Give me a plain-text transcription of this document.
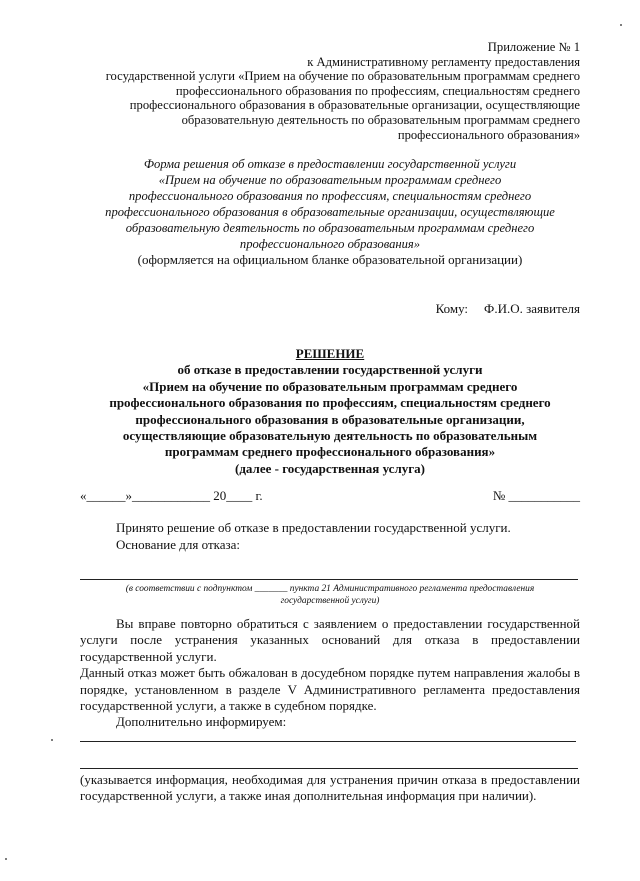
Приложение № 1
к Административному регламенту предоставления
государственной услуги «Прием на обучение по образовательным программам среднего
профессионального образования по профессиям, специальностям среднего
профессионального образования в образовательные организации, осуществляющие
образовательную деятельность по образовательным программам среднего
профессионального образования»
Форма решения об отказе в предоставлении государственной услуги
«Прием на обучение по образовательным программам среднего
профессионального образования по профессиям, специальностям среднего
профессионального образования в образовательные организации, осуществляющие
образовательную деятельность по образовательным программам среднего
профессионального образования»
(оформляется на официальном бланке образовательной организации)
Кому: Ф.И.О. заявителя
РЕШЕНИЕ
об отказе в предоставлении государственной услуги
«Прием на обучение по образовательным программам среднего
профессионального образования по профессиям, специальностям среднего
профессионального образования в образовательные организации,
осуществляющие образовательную деятельность по образовательным
программам среднего профессионального образования»
(далее - государственная услуга)
«______»____________ 20____ г.	№ ___________

Принято решение об отказе в предоставлении государственной услуги.

Основание для отказа:

(в соответствии с подпунктом _______ пункта 21 Административного регламента предоставления
государственной услуги)

Вы вправе повторно обратиться с заявлением о предоставлении государственной услуги после устранения указанных оснований для отказа в предоставлении государственной услуги.

Данный отказ может быть обжалован в досудебном порядке путем направления жалобы в порядке, установленном в разделе V Административного регламента предоставления государственной услуги, а также в судебном порядке.

Дополнительно информируем:
(указывается информация, необходимая для устранения причин отказа в предоставлении государственной услуги, а также иная дополнительная информация при наличии).
